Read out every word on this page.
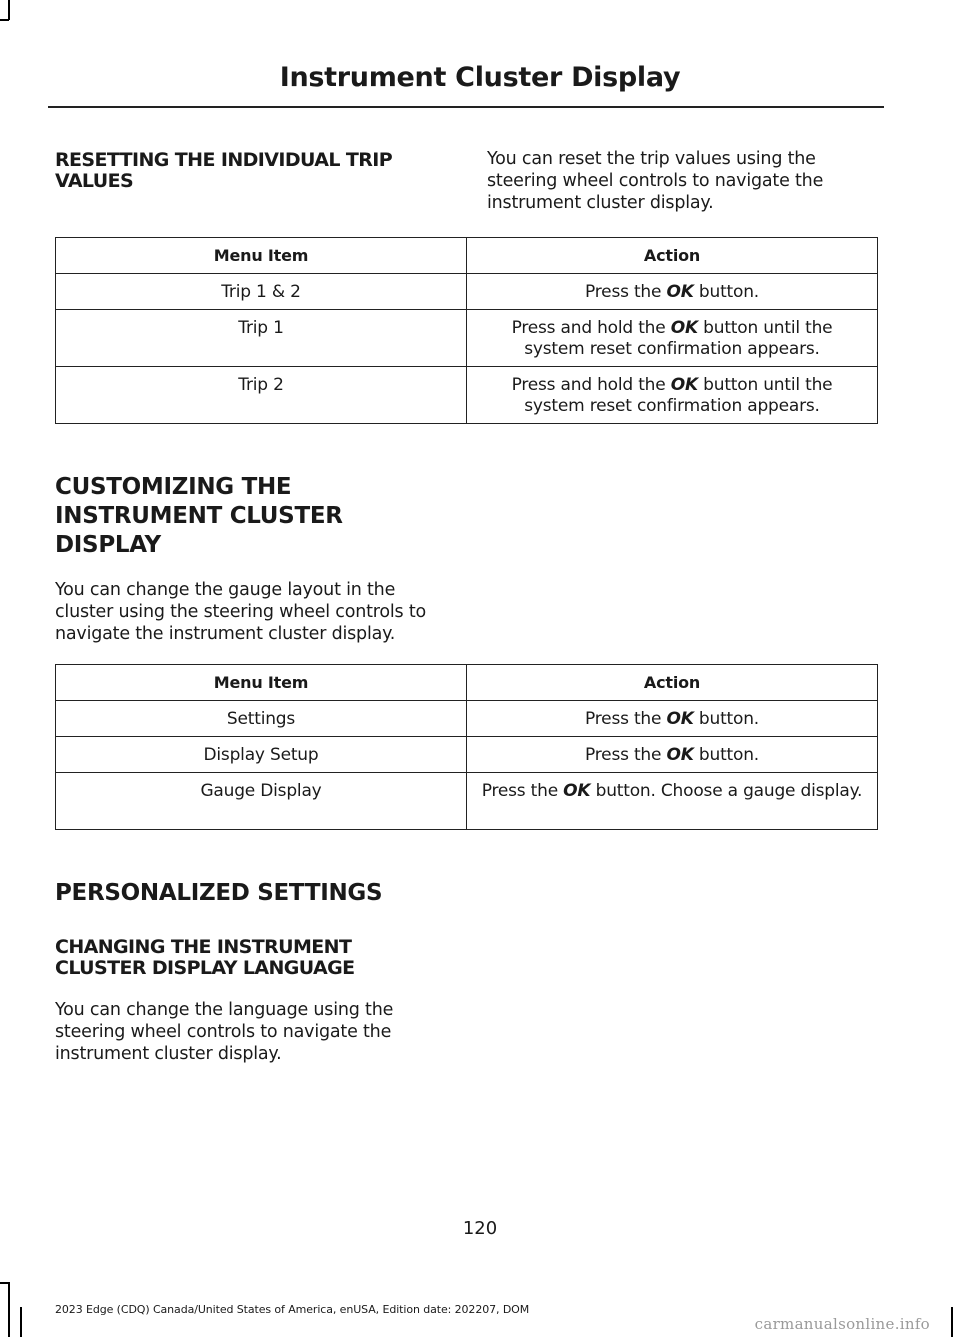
Instrument Cluster Display
RESETTING THE INDIVIDUAL TRIP VALUES

You can reset the trip values using the steering wheel controls to navigate the instrument cluster display.

Menu Item	Action
Trip 1 & 2	Press the OK button.
Trip 1	Press and hold the OK button until the system reset confirmation appears.
Trip 2	Press and hold the OK button until the system reset confirmation appears.
CUSTOMIZING THE
INSTRUMENT CLUSTER
DISPLAY

You can change the gauge layout in the cluster using the steering wheel controls to navigate the instrument cluster display.

Menu Item	Action
Settings	Press the OK button.
Display Setup	Press the OK button.
Gauge Display	Press the OK button. Choose a gauge display.
PERSONALIZED SETTINGS
CHANGING THE INSTRUMENT CLUSTER DISPLAY LANGUAGE

You can change the language using the steering wheel controls to navigate the instrument cluster display.

120
2023 Edge (CDQ) Canada/United States of America, enUSA, Edition date: 202207, DOM
carmanualsonline.info
